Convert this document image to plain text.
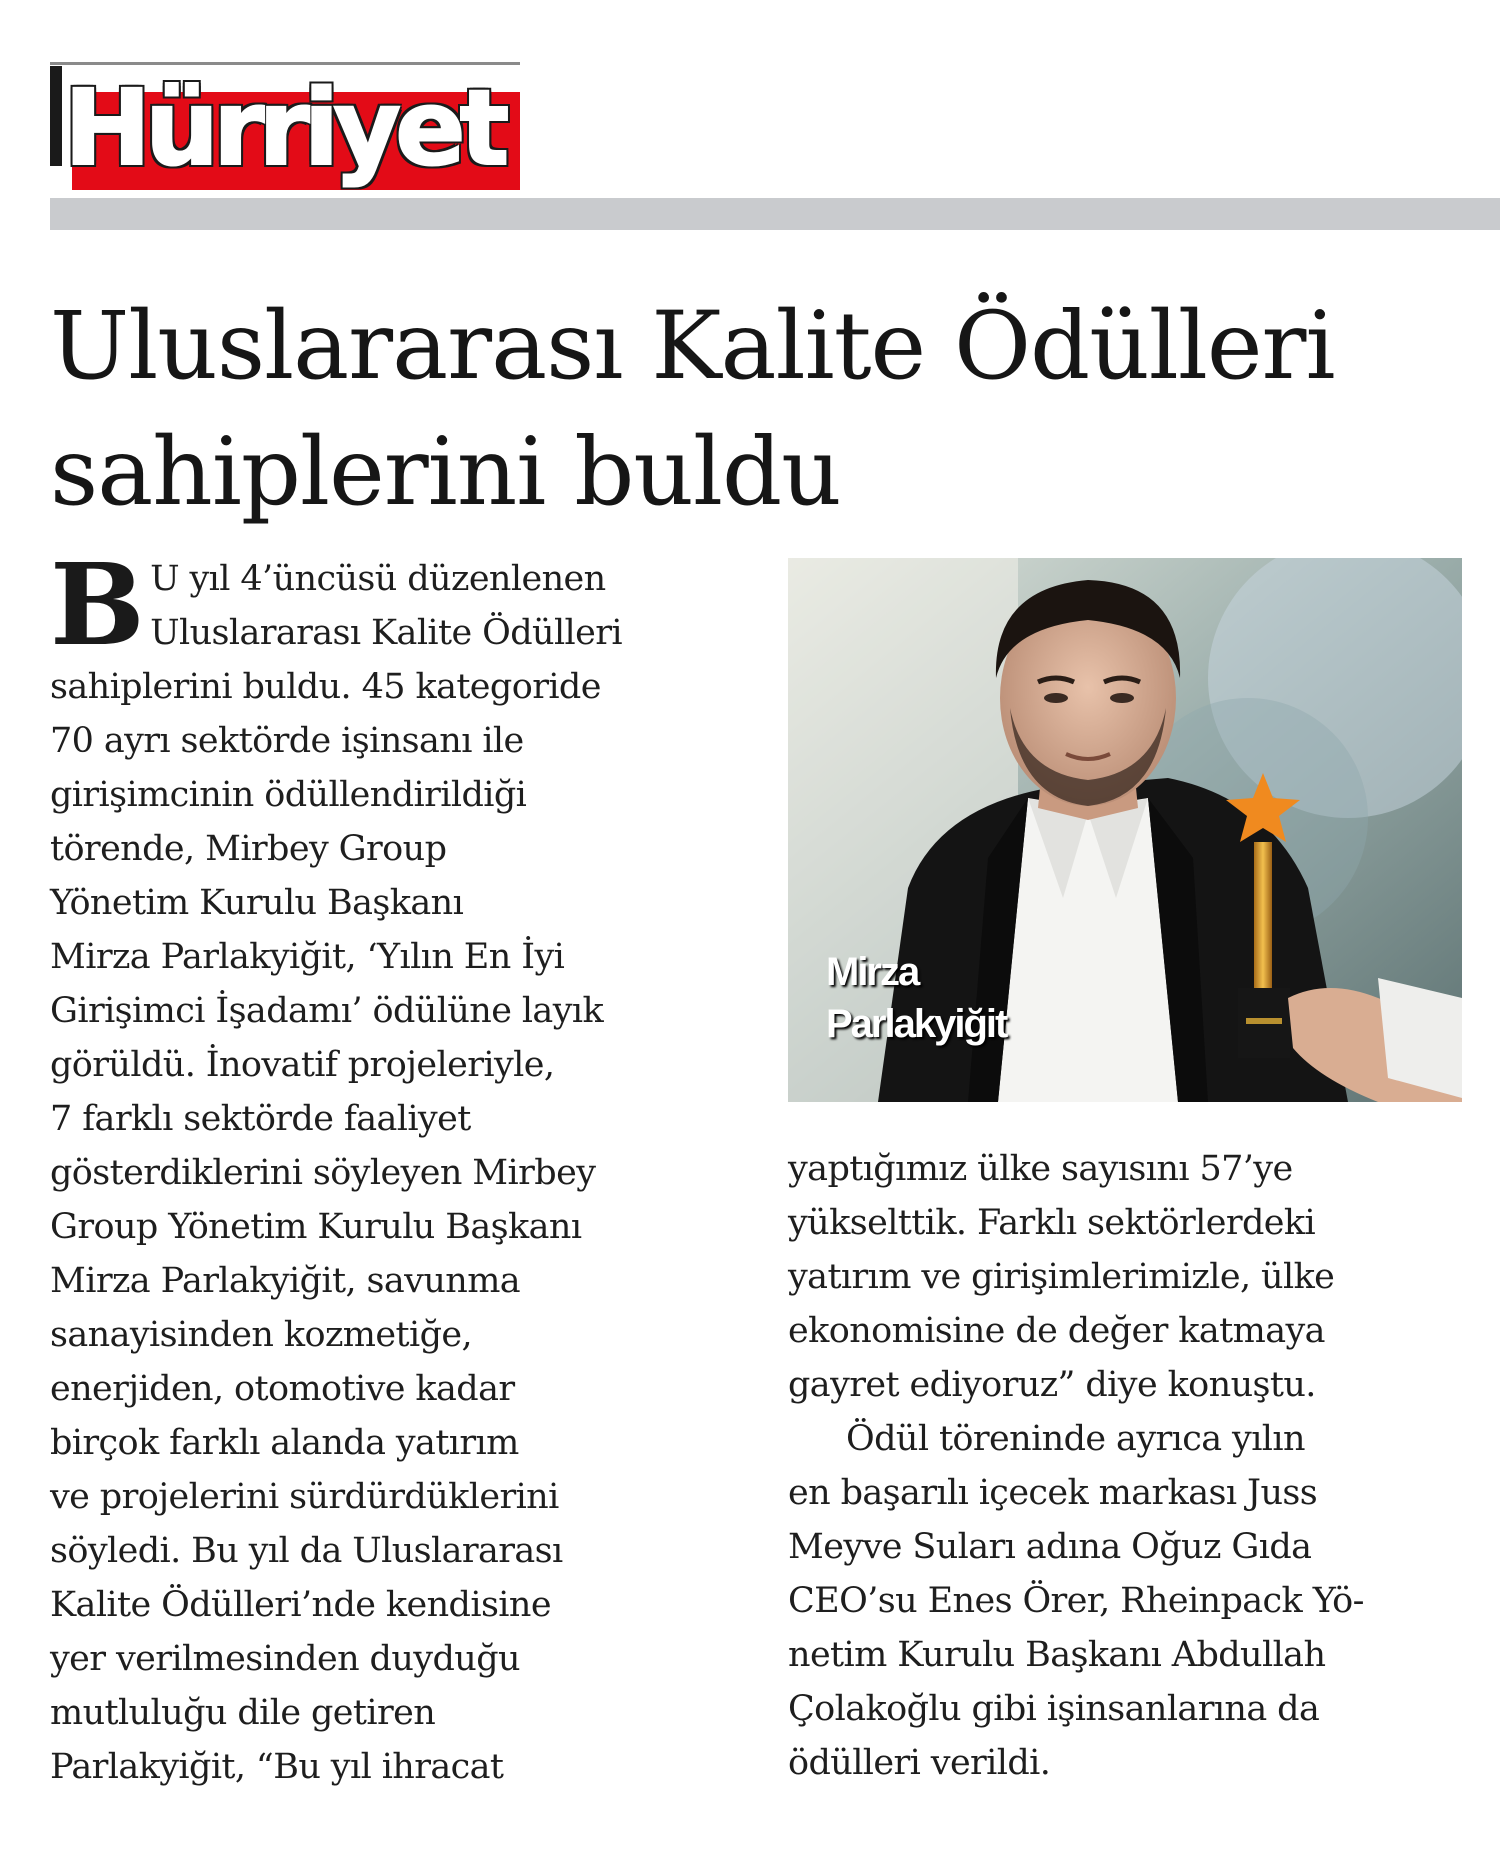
Hürriyet
Uluslararası Kalite Ödülleri
sahiplerini buldu
B U yıl 4’üncüsü düzenlenen
Uluslararası Kalite Ödülleri
sahiplerini buldu. 45 kategoride
70 ayrı sektörde işinsanı ile
girişimcinin ödüllendirildiği
törende, Mirbey Group
Yönetim Kurulu Başkanı
Mirza Parlakyiğit, ‘Yılın En İyi
Girişimci İşadamı’ ödülüne layık
görüldü. İnovatif projeleriyle,
7 farklı sektörde faaliyet
gösterdiklerini söyleyen Mirbey
Group Yönetim Kurulu Başkanı
Mirza Parlakyiğit, savunma
sanayisinden kozmetiğe,
enerjiden, otomotive kadar
birçok farklı alanda yatırım
ve projelerini sürdürdüklerini
söyledi. Bu yıl da Uluslararası
Kalite Ödülleri’nde kendisine
yer verilmesinden duyduğu
mutluluğu dile getiren
Parlakyiğit, “Bu yıl ihracat
Mirza
Parlakyiğit
yaptığımız ülke sayısını 57’ye
yükselttik. Farklı sektörlerdeki
yatırım ve girişimlerimizle, ülke
ekonomisine de değer katmaya
gayret ediyoruz” diye konuştu.
Ödül töreninde ayrıca yılın
en başarılı içecek markası Juss
Meyve Suları adına Oğuz Gıda
CEO’su Enes Örer, Rheinpack Yö-
netim Kurulu Başkanı Abdullah
Çolakoğlu gibi işinsanlarına da
ödülleri verildi.
